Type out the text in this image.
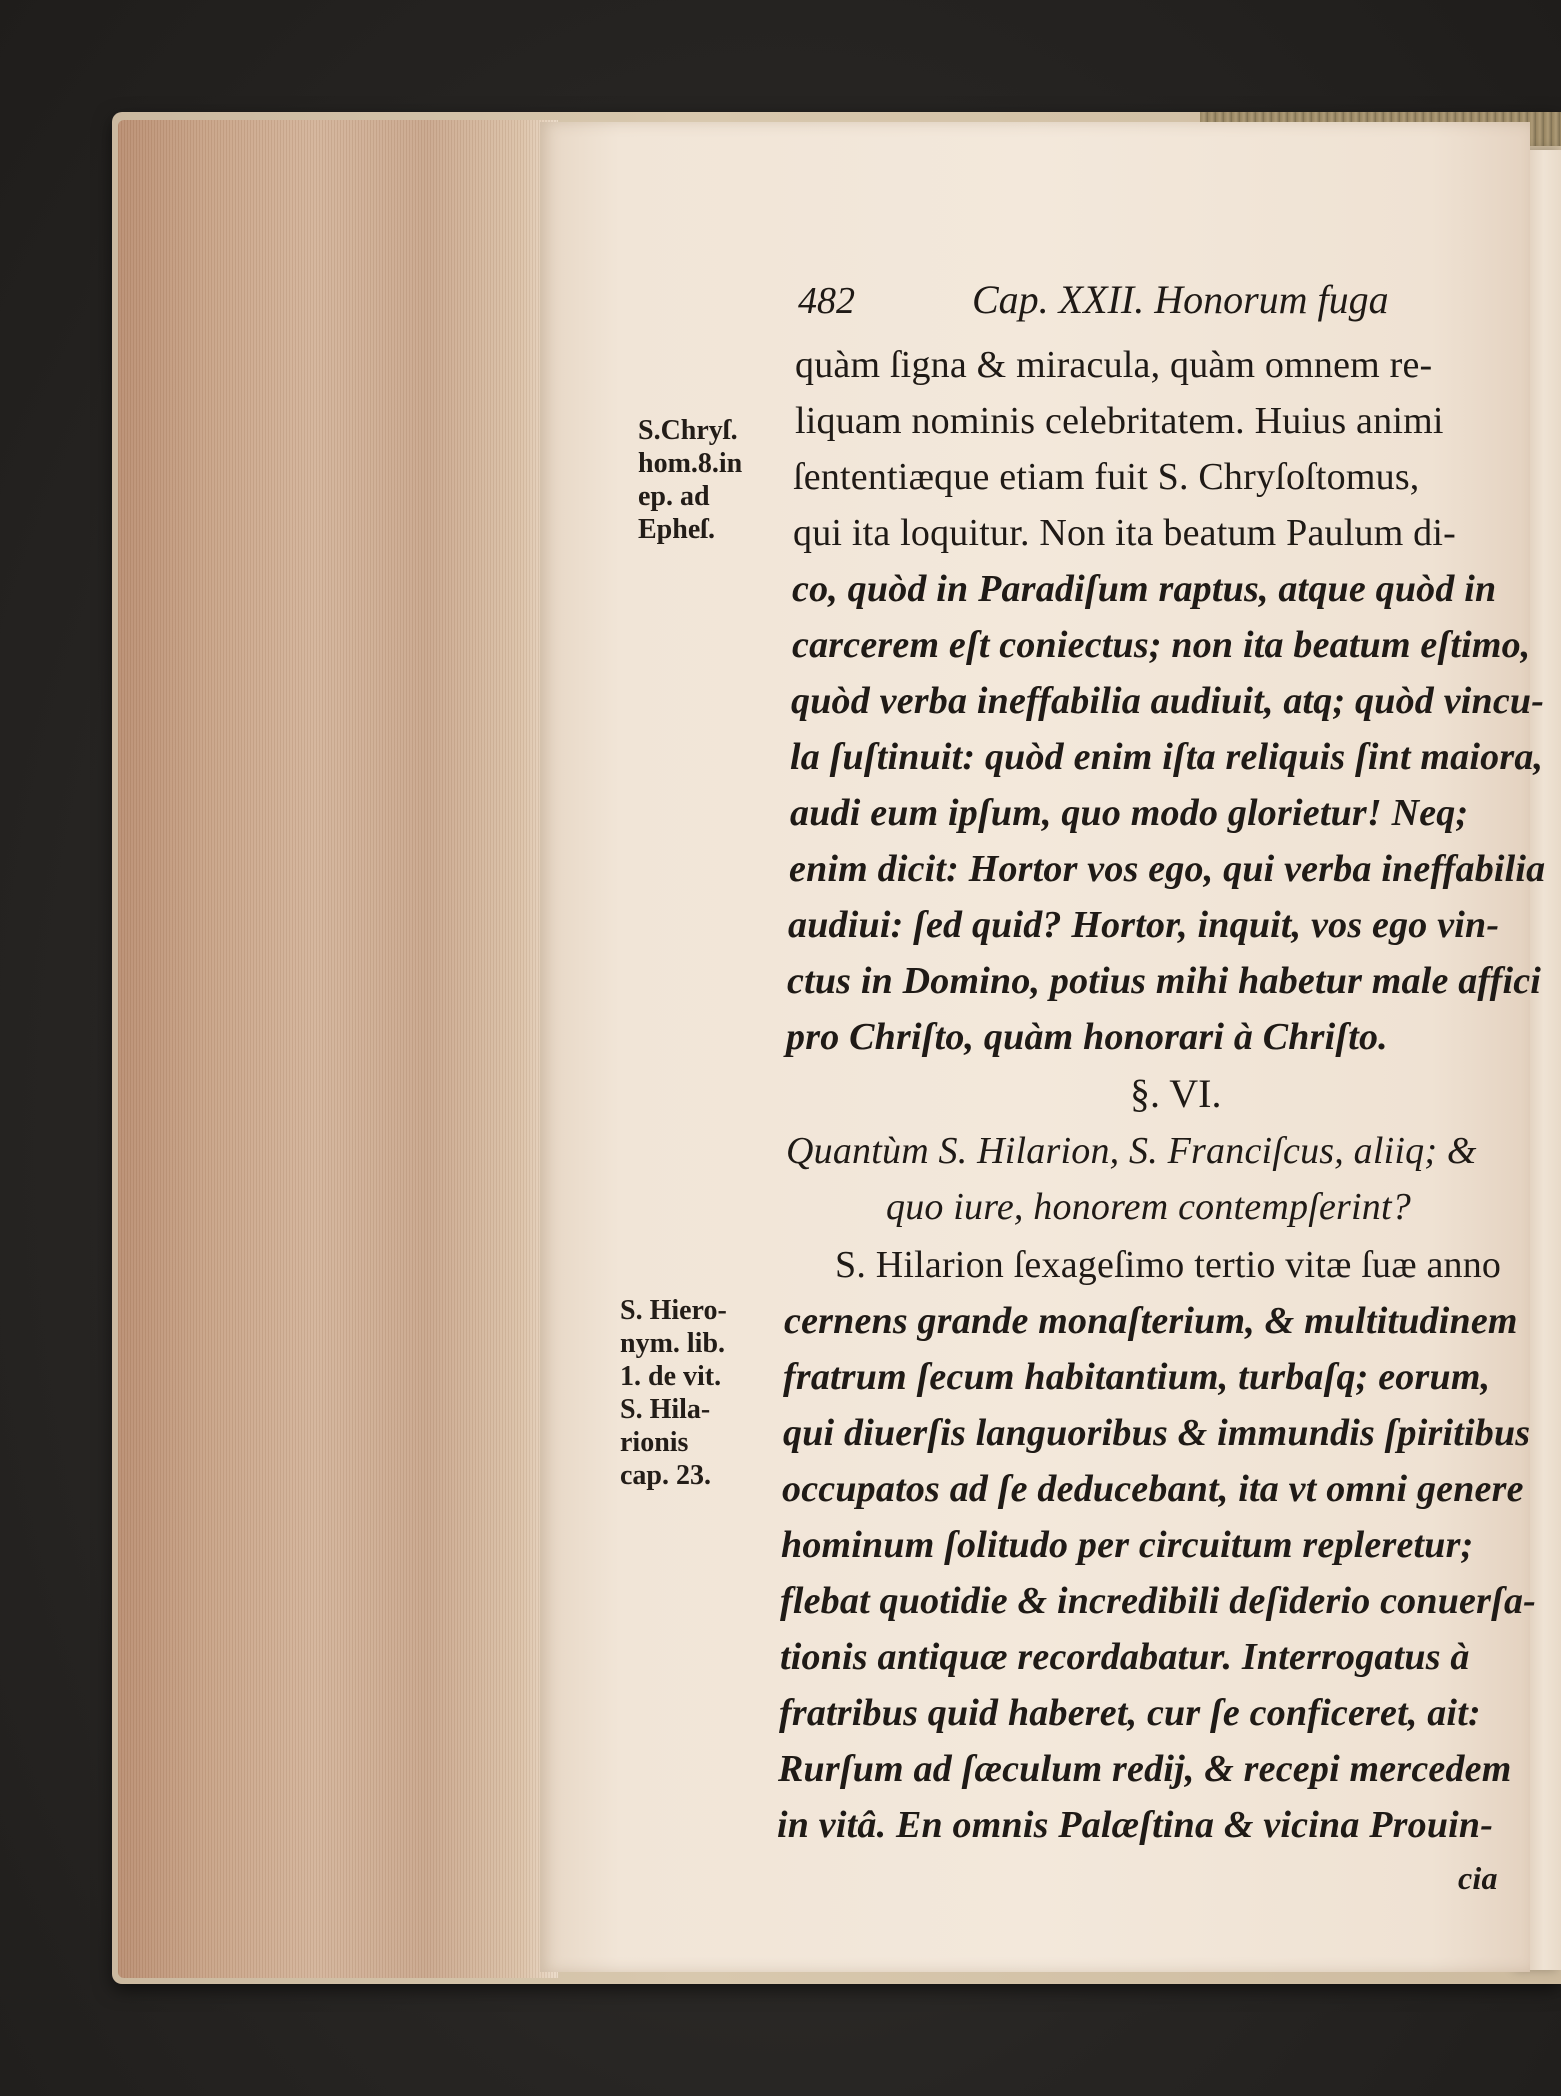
482	Cap. XXII. Honorum fuga
S.Chryſ.
hom.8.in
ep. ad
Epheſ.
S. Hiero-
nym. lib.
1. de vit.
S. Hila-
rionis
cap. 23.
quàm ſigna & miracula, quàm omnem re-
liquam nominis celebritatem. Huius animi
ſententiæque etiam fuit S. Chryſoſtomus,
qui ita loquitur. Non ita beatum Paulum di-
co, quòd in Paradiſum raptus, atque quòd in
carcerem eſt coniectus; non ita beatum eſtimo,
quòd verba ineffabilia audiuit, atq; quòd vincu-
la ſuſtinuit: quòd enim iſta reliquis ſint maiora,
audi eum ipſum, quo modo glorietur! Neq;
enim dicit: Hortor vos ego, qui verba ineffabilia
audiui: ſed quid? Hortor, inquit, vos ego vin-
ctus in Domino, potius mihi habetur male affici
pro Chriſto, quàm honorari à Chriſto.
§. VI.
Quantùm S. Hilarion, S. Franciſcus, aliiq; &
quo iure, honorem contempſerint?
S. Hilarion ſexageſimo tertio vitæ ſuæ anno
cernens grande monaſterium, & multitudinem
fratrum ſecum habitantium, turbaſq; eorum,
qui diuerſis languoribus & immundis ſpiritibus
occupatos ad ſe deducebant, ita vt omni genere
hominum ſolitudo per circuitum repleretur;
flebat quotidie & incredibili deſiderio conuerſa-
tionis antiquæ recordabatur. Interrogatus à
fratribus quid haberet, cur ſe conficeret, ait:
Rurſum ad ſæculum redij, & recepi mercedem
in vitâ. En omnis Palæſtina & vicina Prouin-
cia
